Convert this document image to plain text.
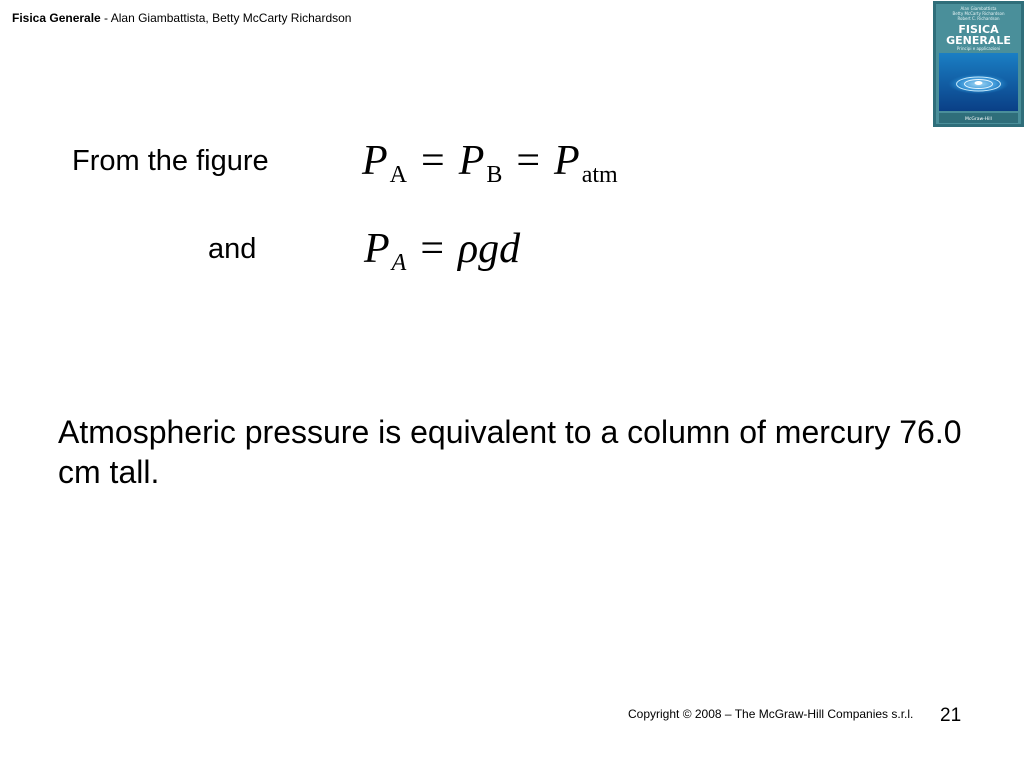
Fisica Generale - Alan Giambattista, Betty McCarty Richardson
Alan Giambattista
Betty McCarty Richardson
Robert C. Richardson
FISICA
GENERALE
Principi e applicazioni
McGraw-Hill
From the figure PA = PB = Patm
and	PA = ρgd
Atmospheric pressure is equivalent to a column of mercury 76.0 cm tall.
Copyright © 2008 – The McGraw-Hill Companies s.r.l. 21
